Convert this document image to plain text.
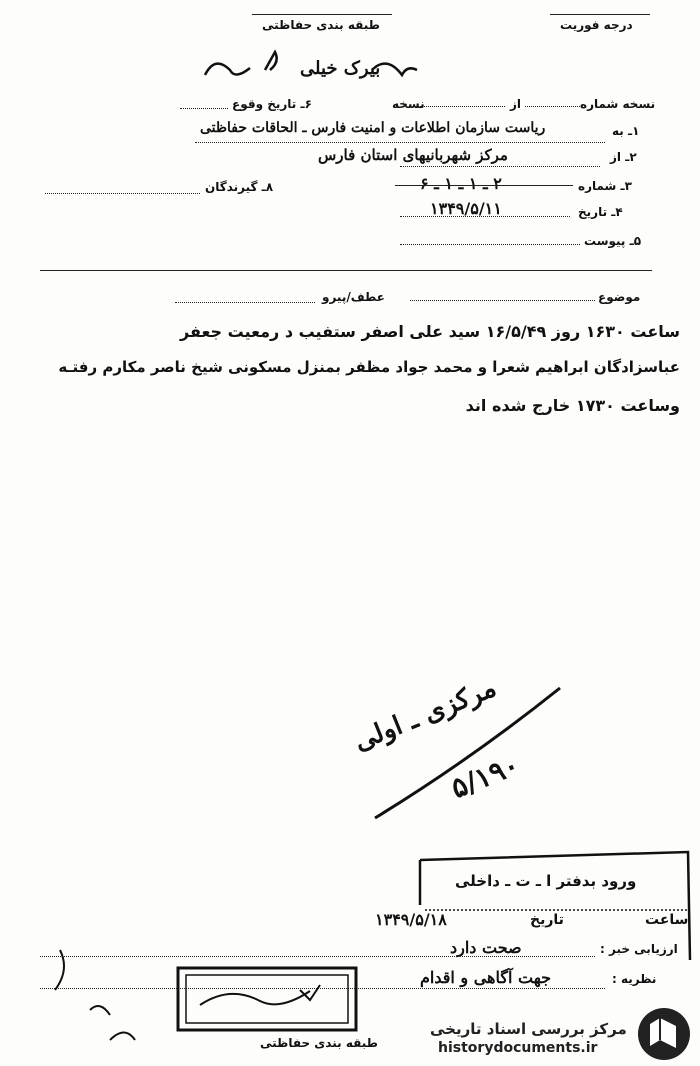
طبقه بندی حفاظتی	درجه فوریت
بیرک خیلی
نسخه شماره
از
نسخه
۶ـ تاریخ وقوع
۱ـ به
ریاست سازمان اطلاعات و امنیت فارس ـ الحاقات حفاظتی
۲ـ از
مرکز شهربانیهای استان فارس
۳ـ شماره
۲ ـ ۱ ـ ۱ ـ ۶
۸ـ گیرندگان
۴ـ تاریخ
۱۳۴۹/۵/۱۱
۵ـ پیوست
عطف/پیرو	موضوع
ساعت ۱۶۳۰ روز ۱۶/۵/۴۹ سید علی اصفر ستفیب د رمعیت جعفر
عباسزادگان ابراهیم شعرا و محمد جواد مظفر بمنزل مسکونی شیخ ناصر مکارم رفتـه
وساعت ۱۷۳۰ خارج شده اند
مرکزی ـ اولی
۵/۱۹۰
ورود بدفتر ا ـ ت ـ داخلی
ساعت
تاریخ
۱۳۴۹/۵/۱۸
ارزیابی خبر :
صحت دارد
نظریه :
جهت آگاهی و اقدام
طبقه بندی حفاظتی
مرکز بررسی اسناد تاریخی
historydocuments.ir
